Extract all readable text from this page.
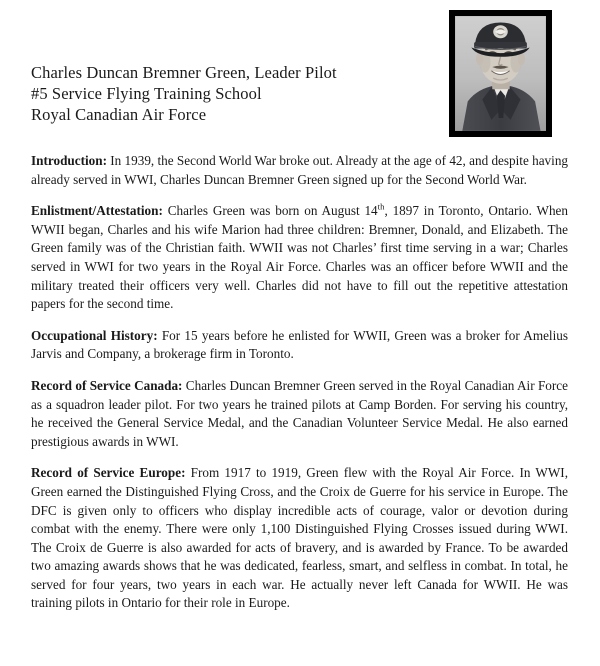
Charles Duncan Bremner Green, Leader Pilot
#5 Service Flying Training School
Royal Canadian Air Force

Introduction: In 1939, the Second World War broke out. Already at the age of 42, and despite having already served in WWI, Charles Duncan Bremner Green signed up for the Second World War.

Enlistment/Attestation: Charles Green was born on August 14th, 1897 in Toronto, Ontario. When WWII began, Charles and his wife Marion had three children: Bremner, Donald, and Elizabeth. The Green family was of the Christian faith. WWII was not Charles’ first time serving in a war; Charles served in WWI for two years in the Royal Air Force. Charles was an officer before WWII and the military treated their officers very well. Charles did not have to fill out the repetitive attestation papers for the second time.

Occupational History: For 15 years before he enlisted for WWII, Green was a broker for Amelius Jarvis and Company, a brokerage firm in Toronto.

Record of Service Canada: Charles Duncan Bremner Green served in the Royal Canadian Air Force as a squadron leader pilot. For two years he trained pilots at Camp Borden. For serving his country, he received the General Service Medal, and the Canadian Volunteer Service Medal. He also earned prestigious awards in WWI.

Record of Service Europe: From 1917 to 1919, Green flew with the Royal Air Force. In WWI, Green earned the Distinguished Flying Cross, and the Croix de Guerre for his service in Europe. The DFC is given only to officers who display incredible acts of courage, valor or devotion during combat with the enemy. There were only 1,100 Distinguished Flying Crosses issued during WWI. The Croix de Guerre is also awarded for acts of bravery, and is awarded by France. To be awarded two amazing awards shows that he was dedicated, fearless, smart, and selfless in combat. In total, he served for four years, two years in each war. He actually never left Canada for WWII. He was training pilots in Ontario for their role in Europe.
